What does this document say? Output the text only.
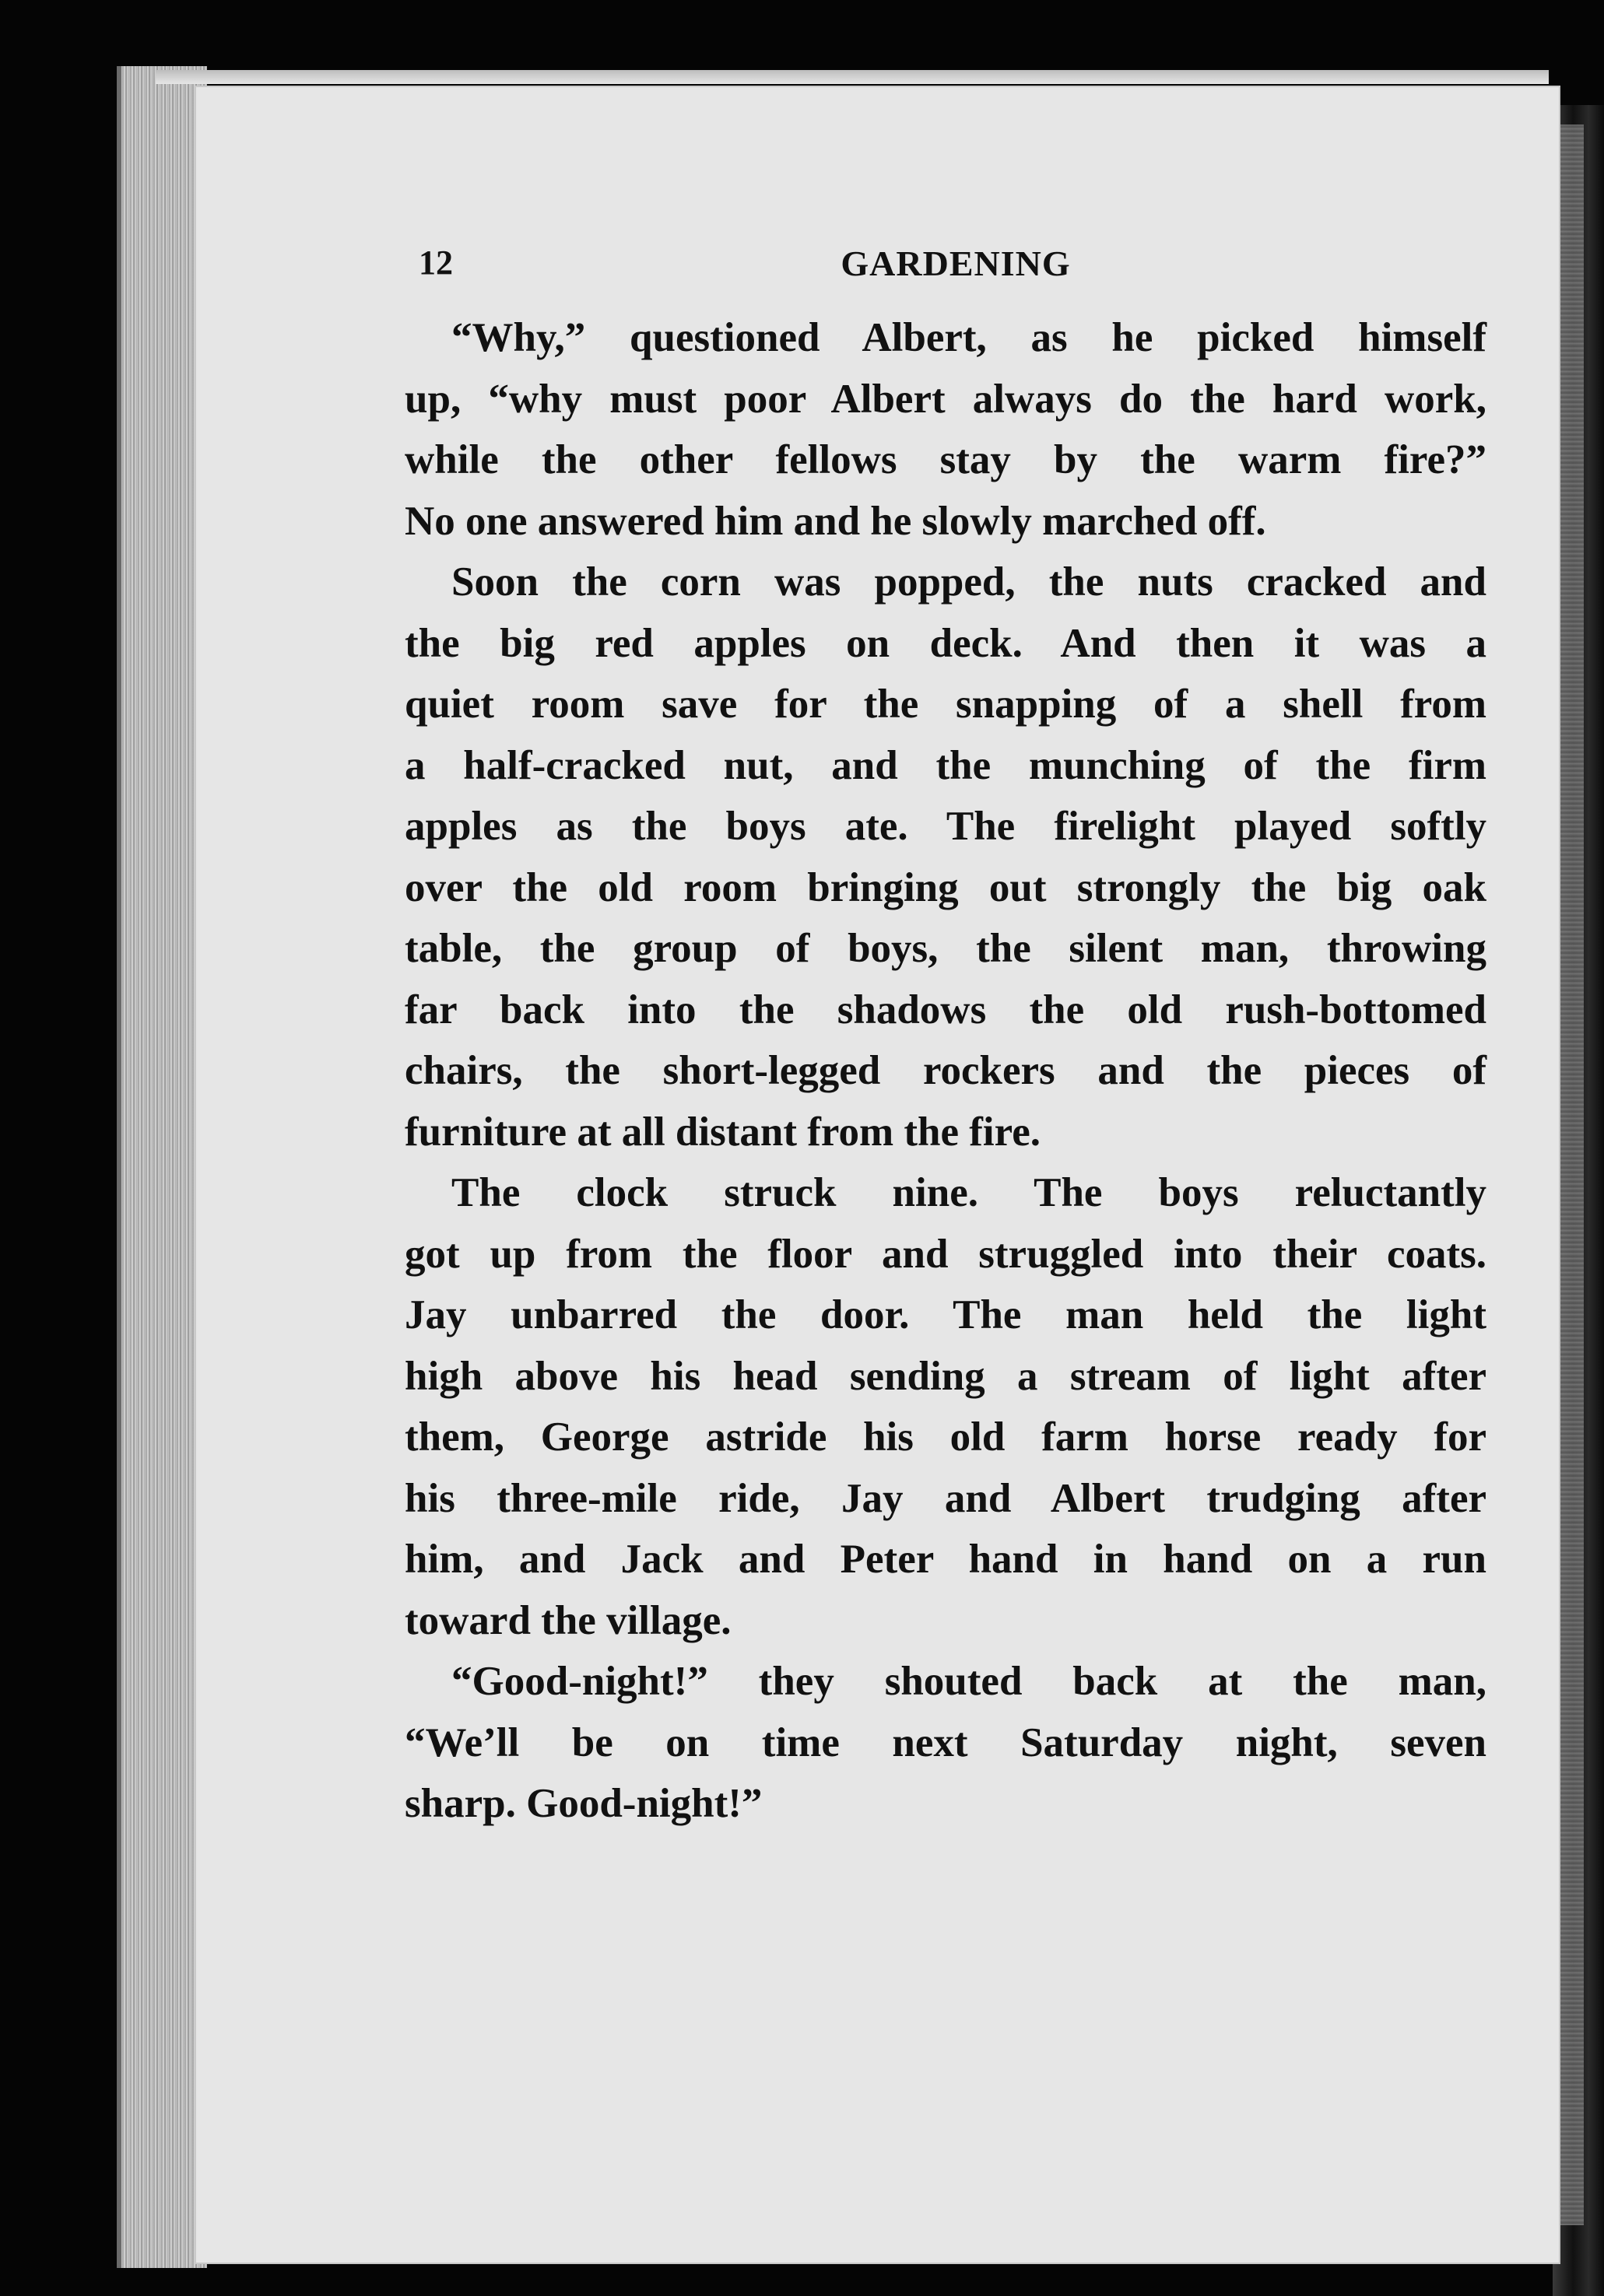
12	GARDENING
“Why,” questioned Albert, as he picked himself
up, “why must poor Albert always do the hard work,
while the other fellows stay by the warm fire?”
No one answered him and he slowly marched off.
Soon the corn was popped, the nuts cracked and
the big red apples on deck. And then it was a
quiet room save for the snapping of a shell from
a half-cracked nut, and the munching of the firm
apples as the boys ate. The firelight played softly
over the old room bringing out strongly the big oak
table, the group of boys, the silent man, throwing
far back into the shadows the old rush-bottomed
chairs, the short-legged rockers and the pieces of
furniture at all distant from the fire.
The clock struck nine. The boys reluctantly
got up from the floor and struggled into their coats.
Jay unbarred the door. The man held the light
high above his head sending a stream of light after
them, George astride his old farm horse ready for
his three-mile ride, Jay and Albert trudging after
him, and Jack and Peter hand in hand on a run
toward the village.
“Good-night!” they shouted back at the man,
“We’ll be on time next Saturday night, seven
sharp. Good-night!”
